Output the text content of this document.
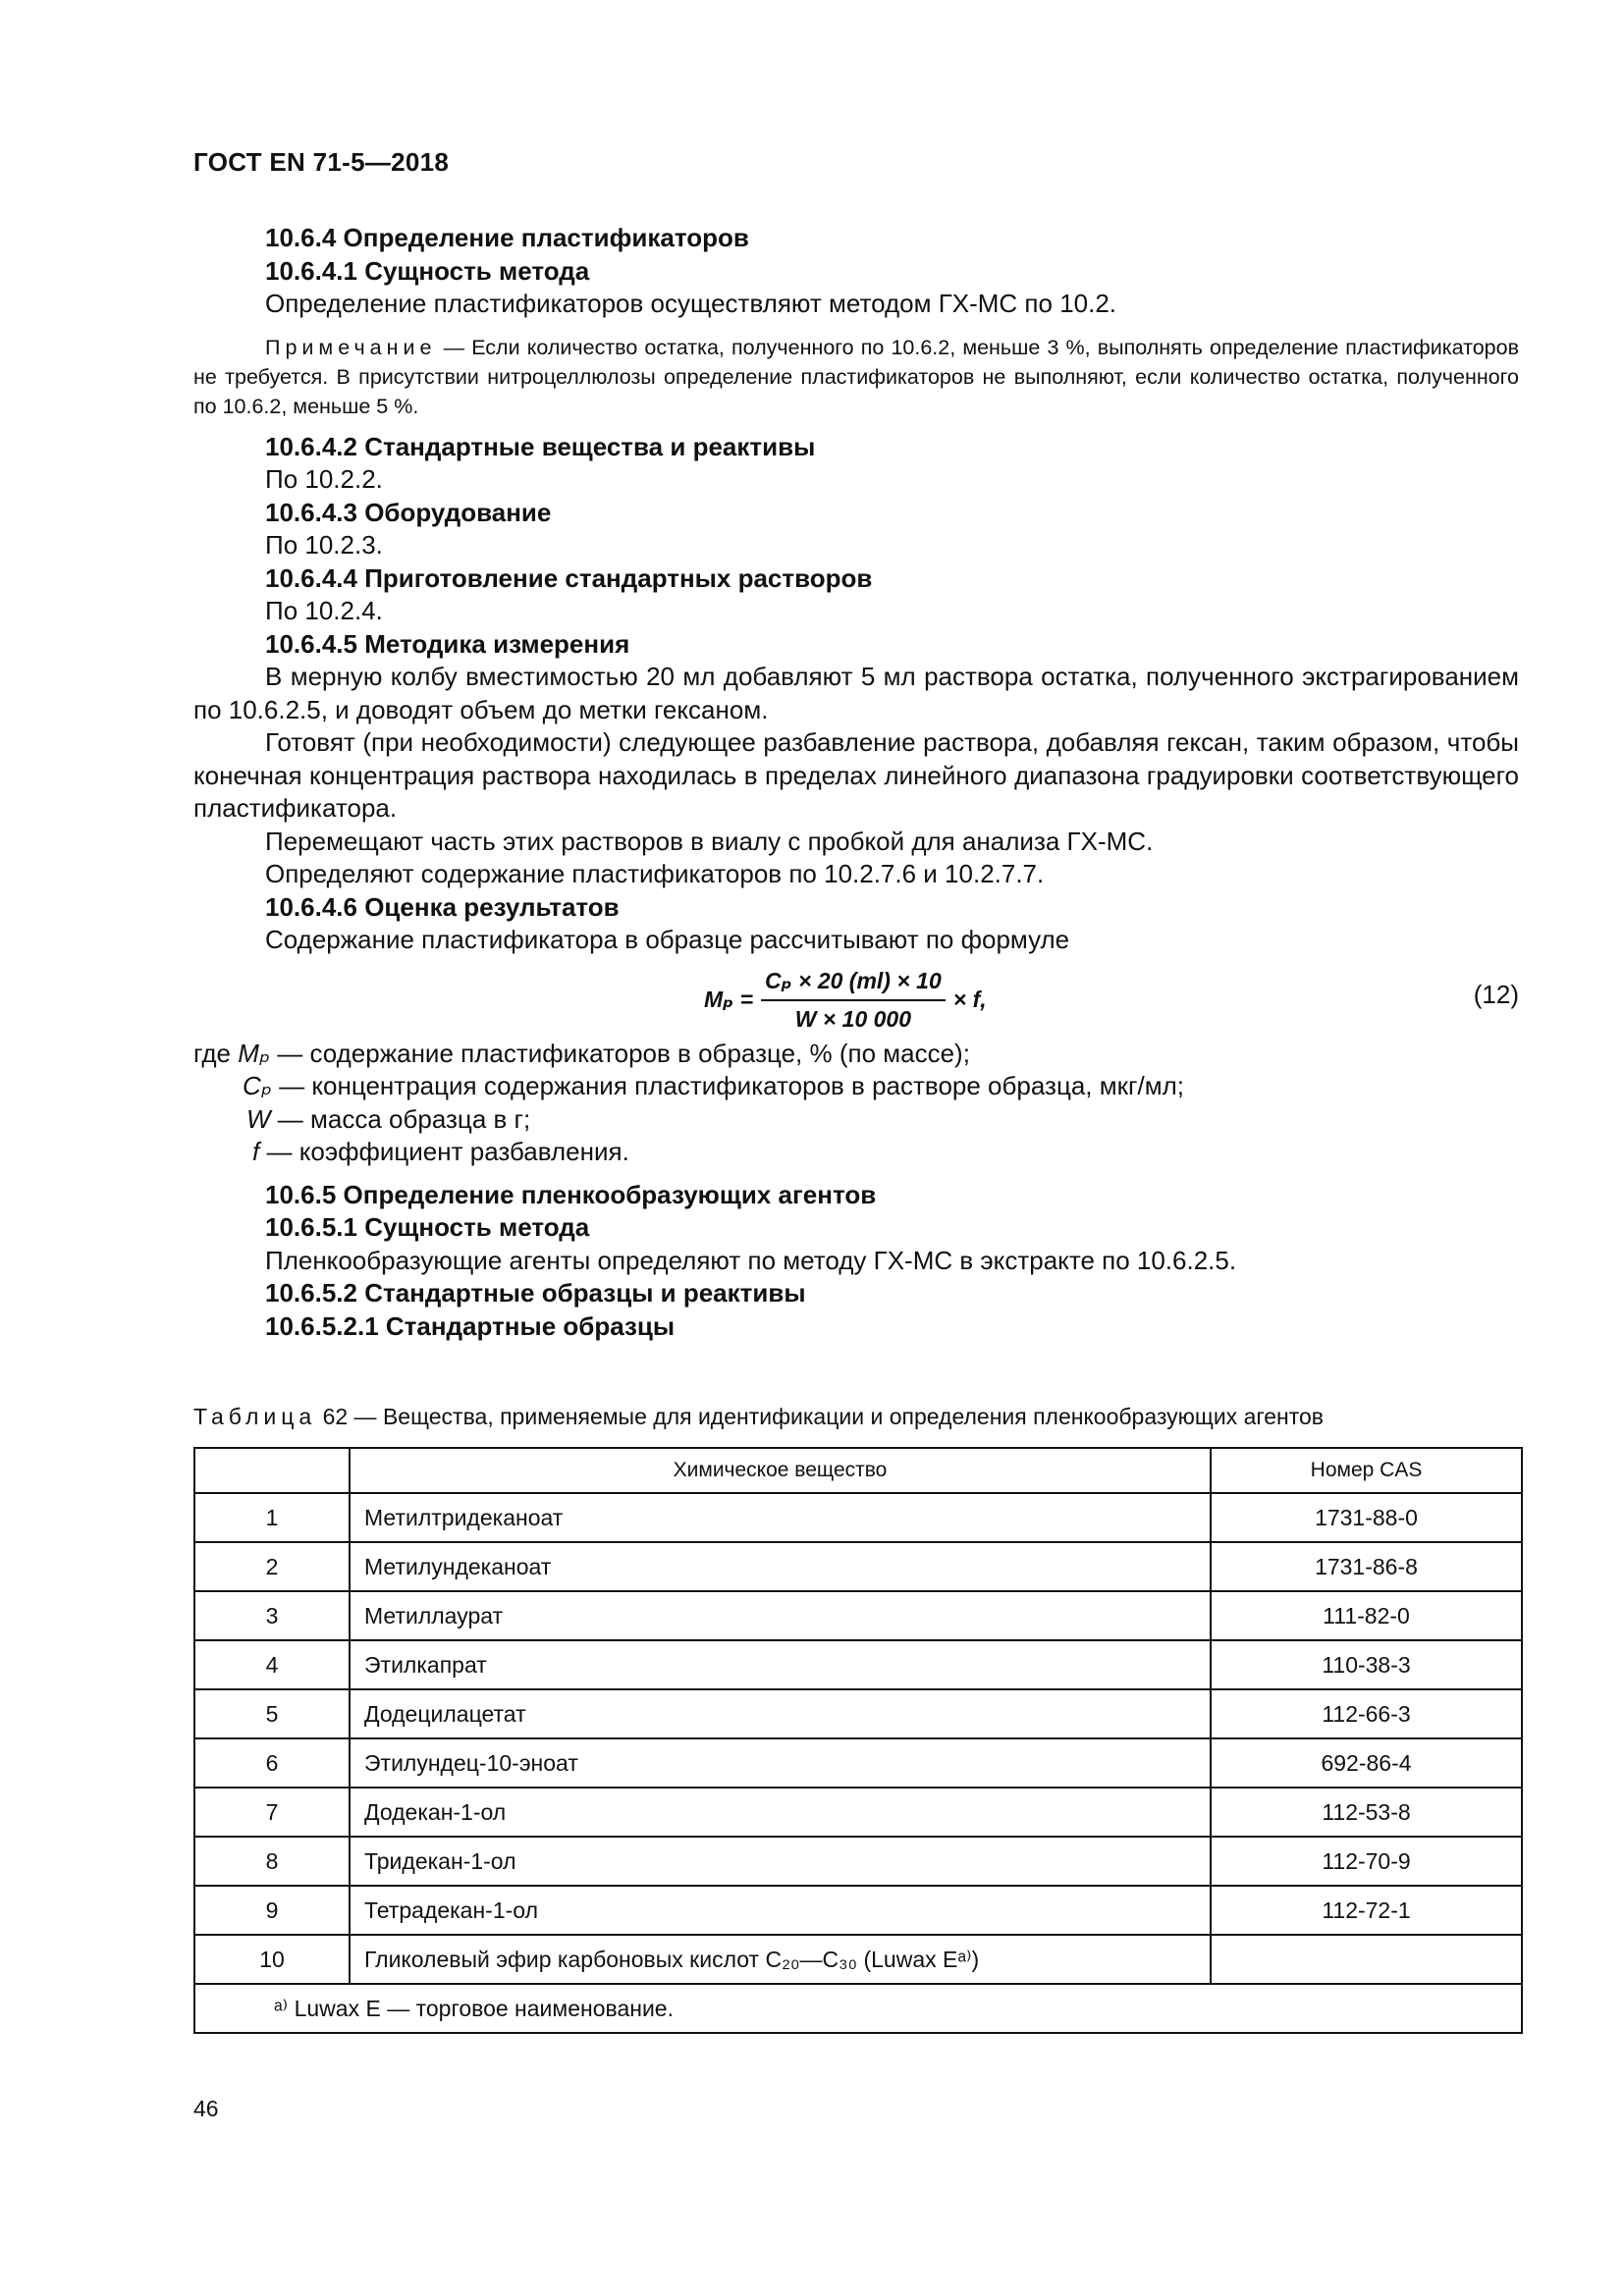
ГОСТ EN 71-5—2018

10.6.4 Определение пластификаторов

10.6.4.1 Сущность метода

Определение пластификаторов осуществляют методом ГХ-МС по 10.2.

Примечание — Если количество остатка, полученного по 10.6.2, меньше 3 %, выполнять определение пластификаторов не требуется. В присутствии нитроцеллюлозы определение пластификаторов не выполняют, если количество остатка, полученного по 10.6.2, меньше 5 %.

10.6.4.2 Стандартные вещества и реактивы

По 10.2.2.

10.6.4.3 Оборудование

По 10.2.3.

10.6.4.4 Приготовление стандартных растворов

По 10.2.4.

10.6.4.5 Методика измерения

В мерную колбу вместимостью 20 мл добавляют 5 мл раствора остатка, полученного экстрагированием по 10.6.2.5, и доводят объем до метки гексаном.

Готовят (при необходимости) следующее разбавление раствора, добавляя гексан, таким образом, чтобы конечная концентрация раствора находилась в пределах линейного диапазона градуировки соответствующего пластификатора.

Перемещают часть этих растворов в виалу с пробкой для анализа ГХ-МС.

Определяют содержание пластификаторов по 10.2.7.6 и 10.2.7.7.

10.6.4.6 Оценка результатов

Содержание пластификатора в образце рассчитывают по формуле

$M_p = \frac{\text{Cₚ × 20 (ml) × 10}}{W \times 10 000} \times f$,	(12)
где Mₚ — содержание пластификаторов в образце, % (по массе);
Cₚ — концентрация содержания пластификаторов в растворе образца, мкг/мл;
W — масса образца в г;
f — коэффициент разбавления.

10.6.5 Определение пленкообразующих агентов

10.6.5.1 Сущность метода

Пленкообразующие агенты определяют по методу ГХ-МС в экстракте по 10.6.2.5.

10.6.5.2 Стандартные образцы и реактивы

10.6.5.2.1 Стандартные образцы

Таблица 62 — Вещества, применяемые для идентификации и определения пленкообразующих агентов
	Химическое вещество	Номер CAS
1	Метилтридеканоат	1731-88-0
2	Метилундеканоат	1731-86-8
3	Метиллаурат	111-82-0
4	Этилкапрат	110-38-3
5	Додецилацетат	112-66-3
6	Этилундец-10-эноат	692-86-4
7	Додекан-1-ол	112-53-8
8	Тридекан-1-ол	112-70-9
9	Тетрадекан-1-ол	112-72-1
10	Гликолевый эфир карбоновых кислот C₂₀—C₃₀ (Luwax Eᵃ⁾)	
ᵃ⁾ Luwax E — торговое наименование.		
46
